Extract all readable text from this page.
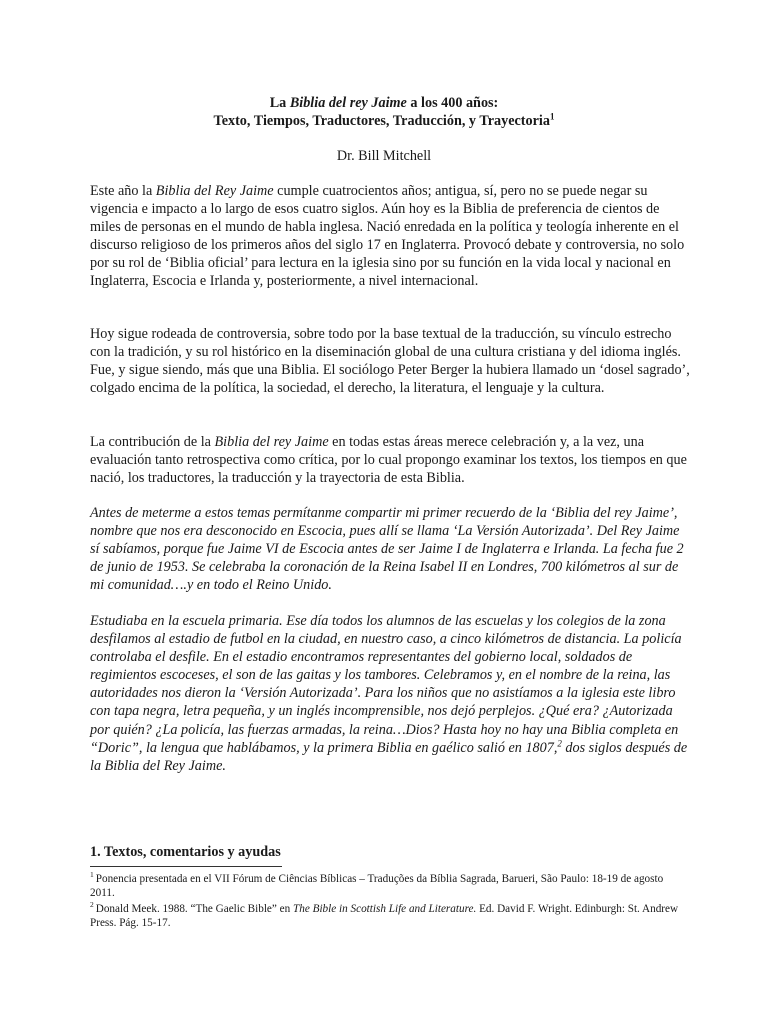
La Biblia del rey Jaime a los 400 años:
Texto, Tiempos, Traductores, Traducción, y Trayectoria$^1$
Dr. Bill Mitchell

Este año la Biblia del Rey Jaime cumple cuatrocientos años; antigua, sí, pero no se puede negar su vigencia e impacto a lo largo de esos cuatro siglos. Aún hoy es la Biblia de preferencia de cientos de miles de personas en el mundo de habla inglesa. Nació enredada en la política y teología inherente en el discurso religioso de los primeros años del siglo 17 en Inglaterra. Provocó debate y controversia, no solo por su rol de ‘Biblia oficial’ para lectura en la iglesia sino por su función en la vida local y nacional en Inglaterra, Escocia e Irlanda y, posteriormente, a nivel internacional.

Hoy sigue rodeada de controversia, sobre todo por la base textual de la traducción, su vínculo estrecho con la tradición, y su rol histórico en la diseminación global de una cultura cristiana y del idioma inglés. Fue, y sigue siendo, más que una Biblia. El sociólogo Peter Berger la hubiera llamado un ‘dosel sagrado’, colgado encima de la política, la sociedad, el derecho, la literatura, el lenguaje y la cultura.

La contribución de la Biblia del rey Jaime en todas estas áreas merece celebración y, a la vez, una evaluación tanto retrospectiva como crítica, por lo cual propongo examinar los textos, los tiempos en que nació, los traductores, la traducción y la trayectoria de esta Biblia.

Antes de meterme a estos temas permítanme compartir mi primer recuerdo de la ‘Biblia del rey Jaime’, nombre que nos era desconocido en Escocia, pues allí se llama ‘La Versión Autorizada’. Del Rey Jaime sí sabíamos, porque fue Jaime VI de Escocia antes de ser Jaime I de Inglaterra e Irlanda. La fecha fue 2 de junio de 1953. Se celebraba la coronación de la Reina Isabel II en Londres, 700 kilómetros al sur de mi comunidad….y en todo el Reino Unido.

Estudiaba en la escuela primaria. Ese día todos los alumnos de las escuelas y los colegios de la zona desfilamos al estadio de futbol en la ciudad, en nuestro caso, a cinco kilómetros de distancia. La policía controlaba el desfile. En el estadio encontramos representantes del gobierno local, soldados de regimientos escoceses, el son de las gaitas y los tambores. Celebramos y, en el nombre de la reina, las autoridades nos dieron la ‘Versión Autorizada’. Para los niños que no asistíamos a la iglesia este libro con tapa negra, letra pequeña, y un inglés incomprensible, nos dejó perplejos. ¿Qué era? ¿Autorizada por quién? ¿La policía, las fuerzas armadas, la reina…Dios? Hasta hoy no hay una Biblia completa en “Doric”, la lengua que hablábamos, y la primera Biblia en gaélico salió en 1807,$^2$ dos siglos después de la Biblia del Rey Jaime.

1. Textos, comentarios y ayudas

$^1$ Ponencia presentada en el VII Fórum de Ciências Bíblicas – Traduções da Bíblia Sagrada, Barueri, São Paulo: 18-19 de agosto 2011.

$^2$ Donald Meek. 1988. “The Gaelic Bible” en The Bible in Scottish Life and Literature. Ed. David F. Wright. Edinburgh: St. Andrew Press. Pág. 15-17.
